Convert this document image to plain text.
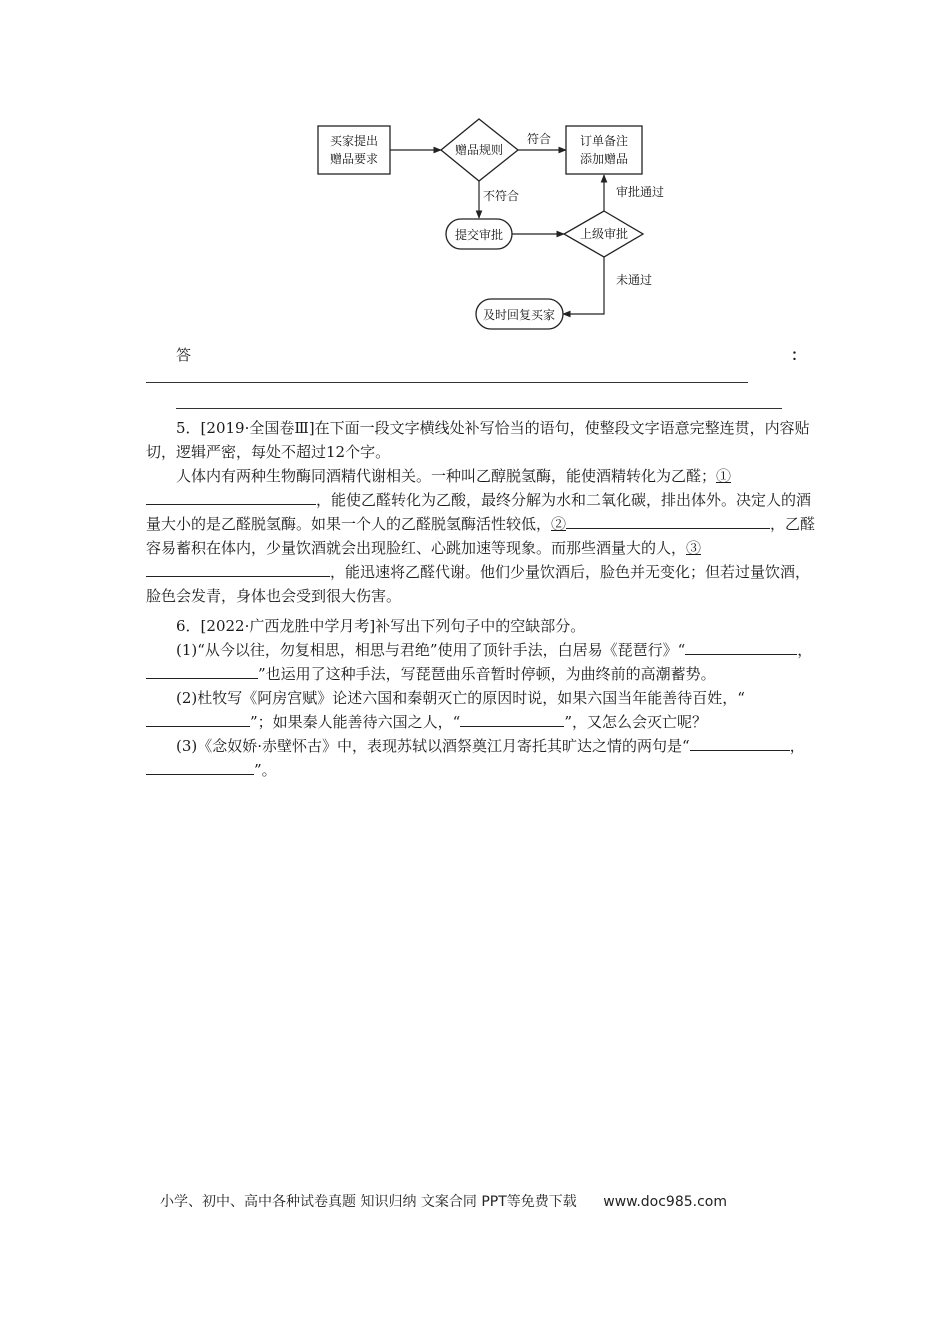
买家提出
赠品要求
赠品规则
符合 订单备注
添加赠品
不符合
提交审批	上级审批
审批通过
未通过
及时回复买家
答	：

5．[2019·全国卷Ⅲ]在下面一段文字横线处补写恰当的语句，使整段文字语意完整连贯，内容贴切，逻辑严密，每处不超过12个字。

人体内有两种生物酶同酒精代谢相关。一种叫乙醇脱氢酶，能使酒精转化为乙醛；①，能使乙醛转化为乙酸，最终分解为水和二氧化碳，排出体外。决定人的酒量大小的是乙醛脱氢酶。如果一个人的乙醛脱氢酶活性较低，②	，乙醛容易蓄积在体内，少量饮酒就会出现脸红、心跳加速等现象。而那些酒量大的人，③，能迅速将乙醛代谢。他们少量饮酒后，脸色并无变化；但若过量饮酒，脸色会发青，身体也会受到很大伤害。

6．[2022·广西龙胜中学月考]补写出下列句子中的空缺部分。

(1)“从今以往，勿复相思，相思与君绝”使用了顶针手法，白居易《琵琶行》“	，”也运用了这种手法，写琵琶曲乐音暂时停顿，为曲终前的高潮蓄势。

(2)杜牧写《阿房宫赋》论述六国和秦朝灭亡的原因时说，如果六国当年能善待百姓，“”；如果秦人能善待六国之人，“	”，又怎么会灭亡呢？

(3)《念奴娇·赤壁怀古》中，表现苏轼以酒祭奠江月寄托其旷达之情的两句是“	，”。

小学、初中、高中各种试卷真题 知识归纳 文案合同 PPT等免费下载 www.doc985.com
